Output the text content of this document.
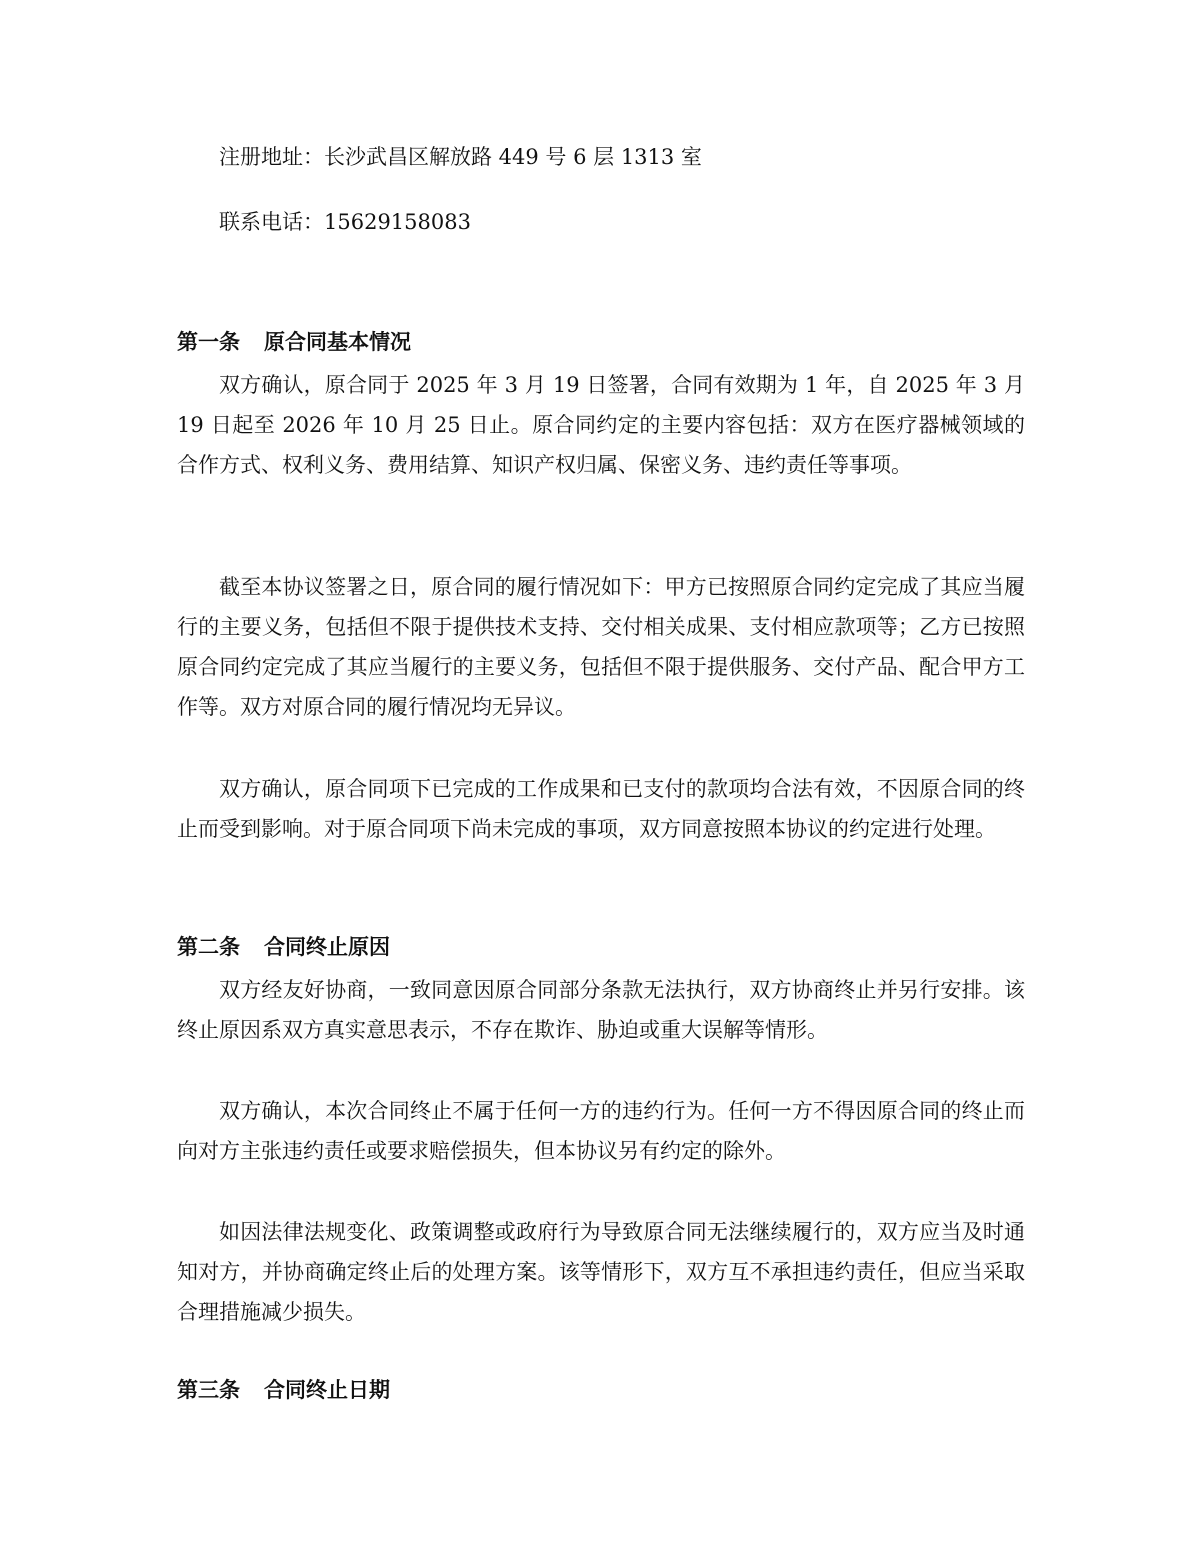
注册地址：长沙武昌区解放路 449 号 6 层 1313 室
联系电话：15629158083
第一条 原合同基本情况

双方确认，原合同于 2025 年 3 月 19 日签署，合同有效期为 1 年，自 2025 年 3 月 19 日起至 2026 年 10 月 25 日止。原合同约定的主要内容包括：双方在医疗器械领域的合作方式、权利义务、费用结算、知识产权归属、保密义务、违约责任等事项。

截至本协议签署之日，原合同的履行情况如下：甲方已按照原合同约定完成了其应当履行的主要义务，包括但不限于提供技术支持、交付相关成果、支付相应款项等；乙方已按照原合同约定完成了其应当履行的主要义务，包括但不限于提供服务、交付产品、配合甲方工作等。双方对原合同的履行情况均无异议。

双方确认，原合同项下已完成的工作成果和已支付的款项均合法有效，不因原合同的终止而受到影响。对于原合同项下尚未完成的事项，双方同意按照本协议的约定进行处理。

第二条 合同终止原因

双方经友好协商，一致同意因原合同部分条款无法执行，双方协商终止并另行安排。该终止原因系双方真实意思表示，不存在欺诈、胁迫或重大误解等情形。

双方确认，本次合同终止不属于任何一方的违约行为。任何一方不得因原合同的终止而向对方主张违约责任或要求赔偿损失，但本协议另有约定的除外。

如因法律法规变化、政策调整或政府行为导致原合同无法继续履行的，双方应当及时通知对方，并协商确定终止后的处理方案。该等情形下，双方互不承担违约责任，但应当采取合理措施减少损失。

第三条 合同终止日期
